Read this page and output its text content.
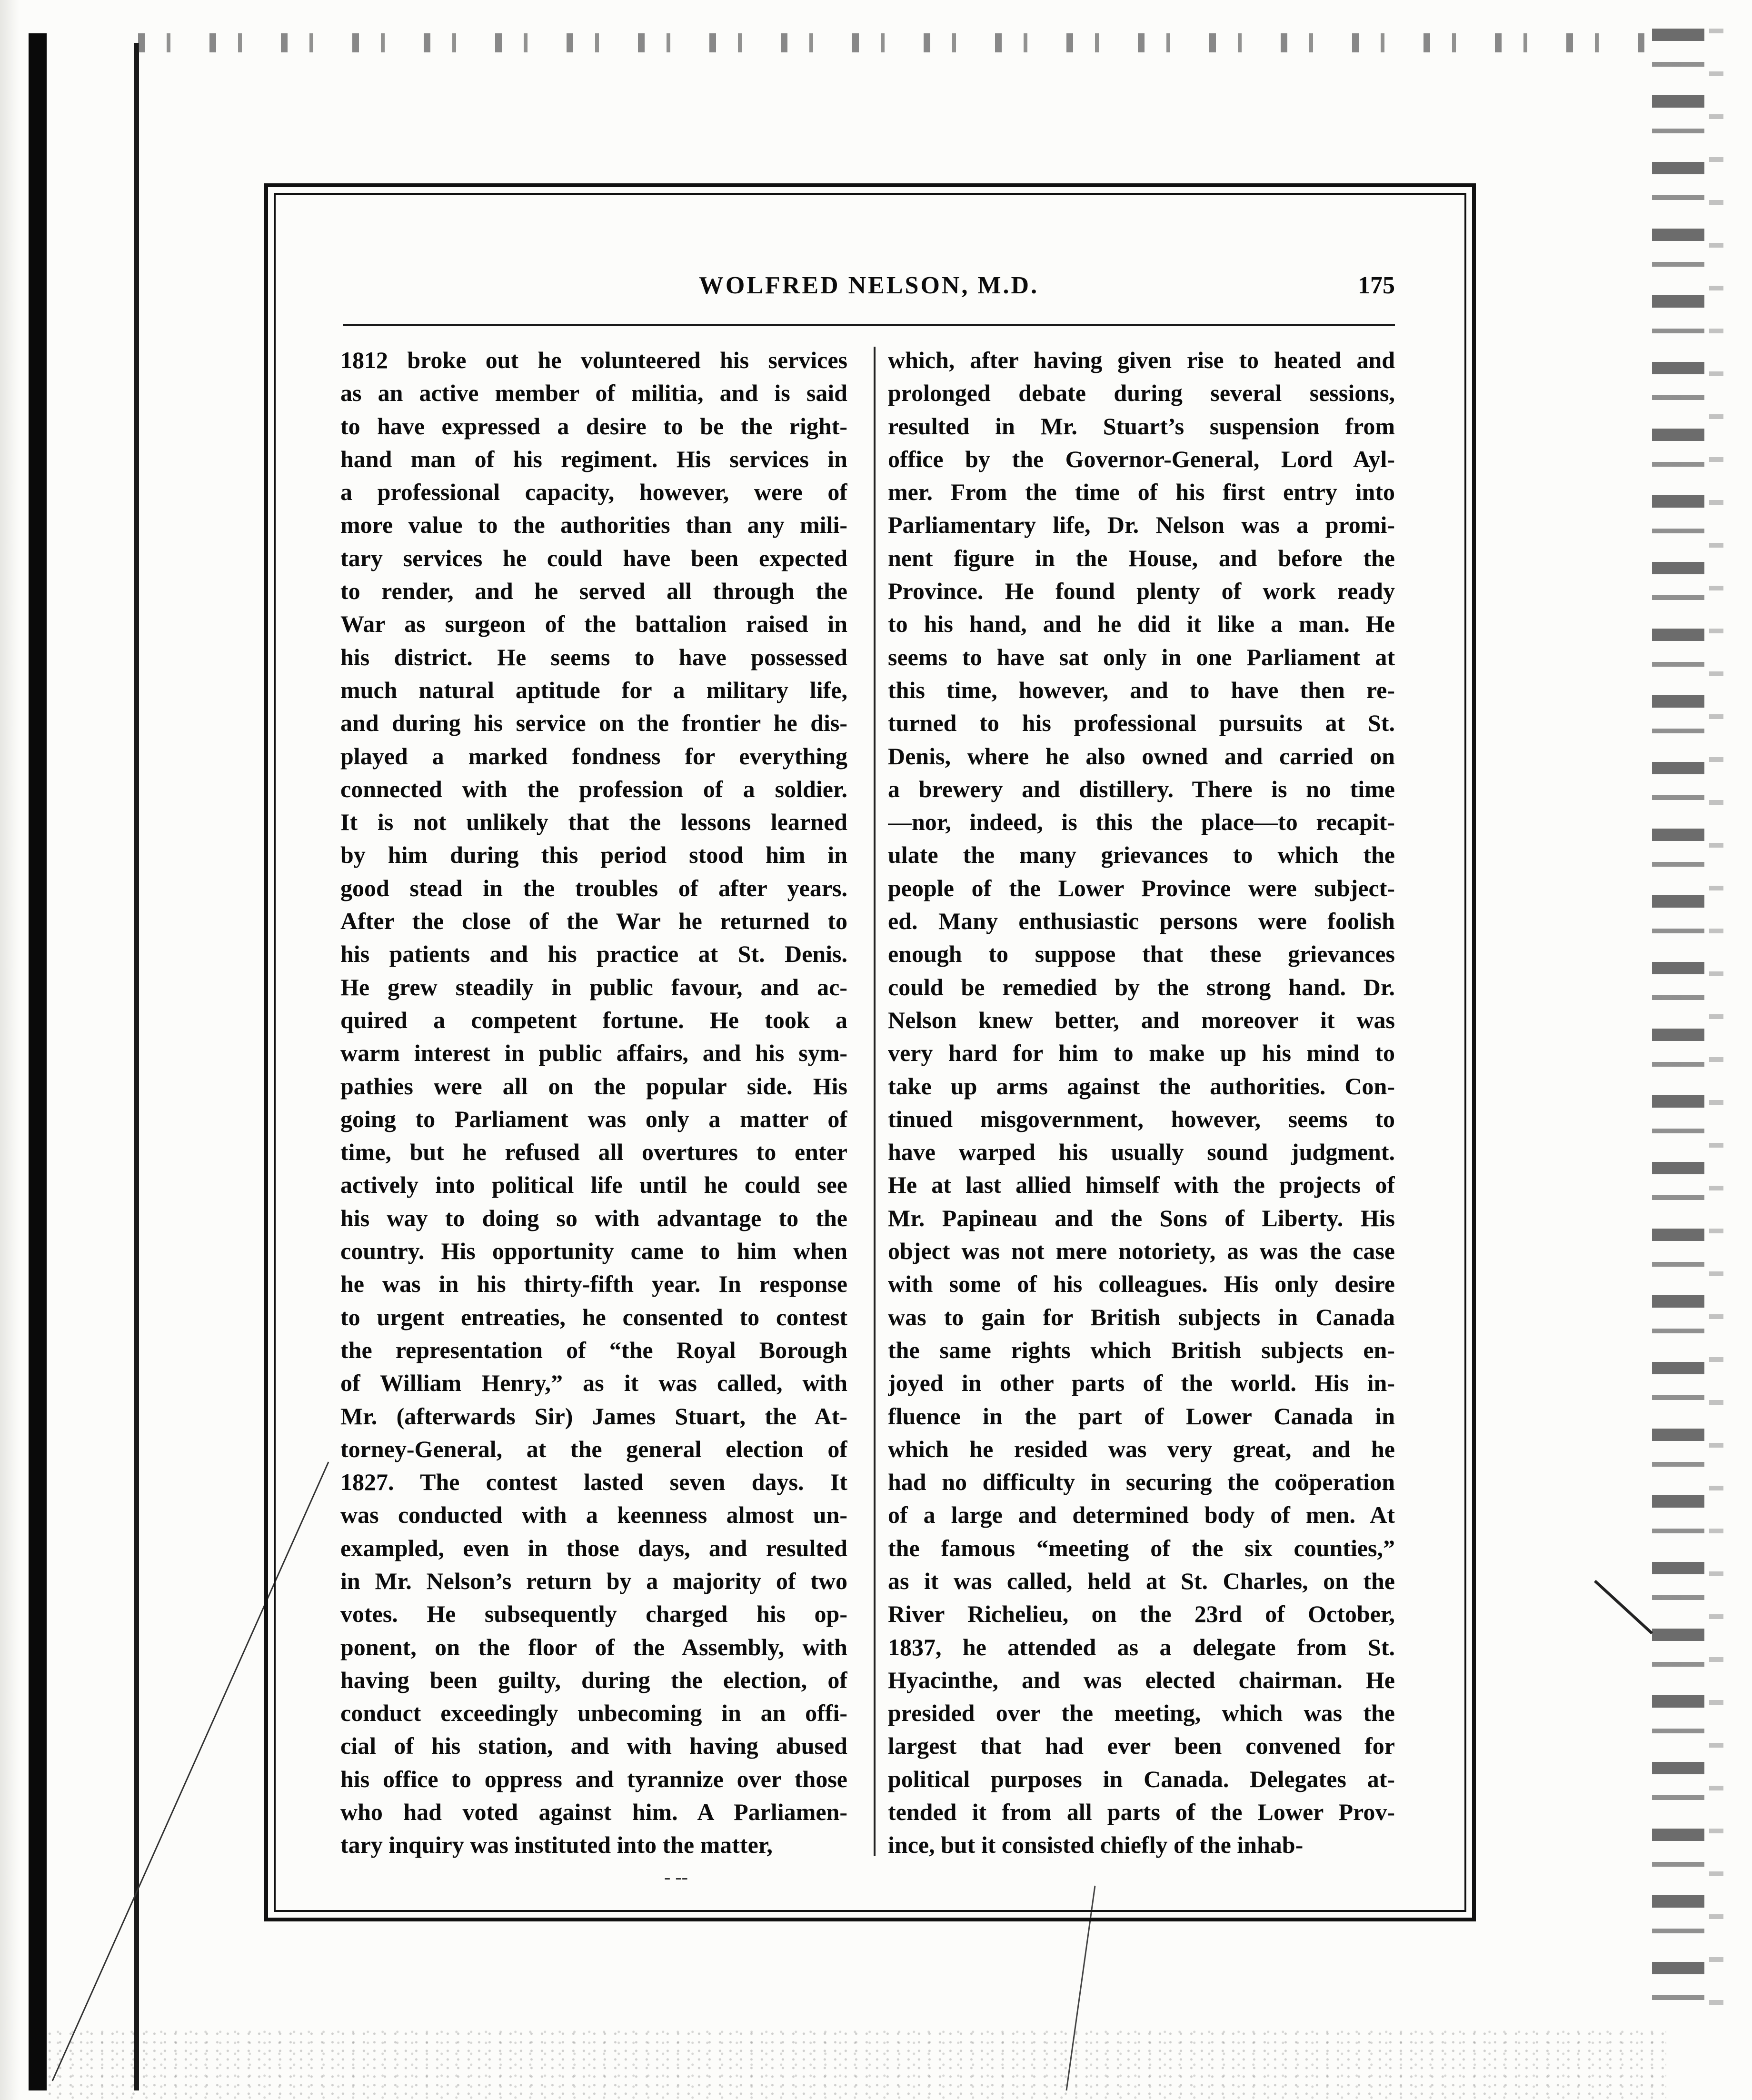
WOLFRED NELSON, M.D.	175
1812 broke out he volunteered his services
as an active member of militia, and is said
to have expressed a desire to be the right-
hand man of his regiment. His services in
a professional capacity, however, were of
more value to the authorities than any mili-
tary services he could have been expected
to render, and he served all through the
War as surgeon of the battalion raised in
his district. He seems to have possessed
much natural aptitude for a military life,
and during his service on the frontier he dis-
played a marked fondness for everything
connected with the profession of a soldier.
It is not unlikely that the lessons learned
by him during this period stood him in
good stead in the troubles of after years.
After the close of the War he returned to
his patients and his practice at St. Denis.
He grew steadily in public favour, and ac-
quired a competent fortune. He took a
warm interest in public affairs, and his sym-
pathies were all on the popular side. His
going to Parliament was only a matter of
time, but he refused all overtures to enter
actively into political life until he could see
his way to doing so with advantage to the
country. His opportunity came to him when
he was in his thirty-fifth year. In response
to urgent entreaties, he consented to contest
the representation of “the Royal Borough
of William Henry,” as it was called, with
Mr. (afterwards Sir) James Stuart, the At-
torney-General, at the general election of
1827. The contest lasted seven days. It
was conducted with a keenness almost un-
exampled, even in those days, and resulted
in Mr. Nelson’s return by a majority of two
votes. He subsequently charged his op-
ponent, on the floor of the Assembly, with
having been guilty, during the election, of
conduct exceedingly unbecoming in an offi-
cial of his station, and with having abused
his office to oppress and tyrannize over those
who had voted against him. A Parliamen-
tary inquiry was instituted into the matter,
which, after having given rise to heated and
prolonged debate during several sessions,
resulted in Mr. Stuart’s suspension from
office by the Governor-General, Lord Ayl-
mer. From the time of his first entry into
Parliamentary life, Dr. Nelson was a promi-
nent figure in the House, and before the
Province. He found plenty of work ready
to his hand, and he did it like a man. He
seems to have sat only in one Parliament at
this time, however, and to have then re-
turned to his professional pursuits at St.
Denis, where he also owned and carried on
a brewery and distillery. There is no time
—nor, indeed, is this the place—to recapit-
ulate the many grievances to which the
people of the Lower Province were subject-
ed. Many enthusiastic persons were foolish
enough to suppose that these grievances
could be remedied by the strong hand. Dr.
Nelson knew better, and moreover it was
very hard for him to make up his mind to
take up arms against the authorities. Con-
tinued misgovernment, however, seems to
have warped his usually sound judgment.
He at last allied himself with the projects of
Mr. Papineau and the Sons of Liberty. His
object was not mere notoriety, as was the case
with some of his colleagues. His only desire
was to gain for British subjects in Canada
the same rights which British subjects en-
joyed in other parts of the world. His in-
fluence in the part of Lower Canada in
which he resided was very great, and he
had no difficulty in securing the coöperation
of a large and determined body of men. At
the famous “meeting of the six counties,”
as it was called, held at St. Charles, on the
River Richelieu, on the 23rd of October,
1837, he attended as a delegate from St.
Hyacinthe, and was elected chairman. He
presided over the meeting, which was the
largest that had ever been convened for
political purposes in Canada. Delegates at-
tended it from all parts of the Lower Prov-
ince, but it consisted chiefly of the inhab-
- --
